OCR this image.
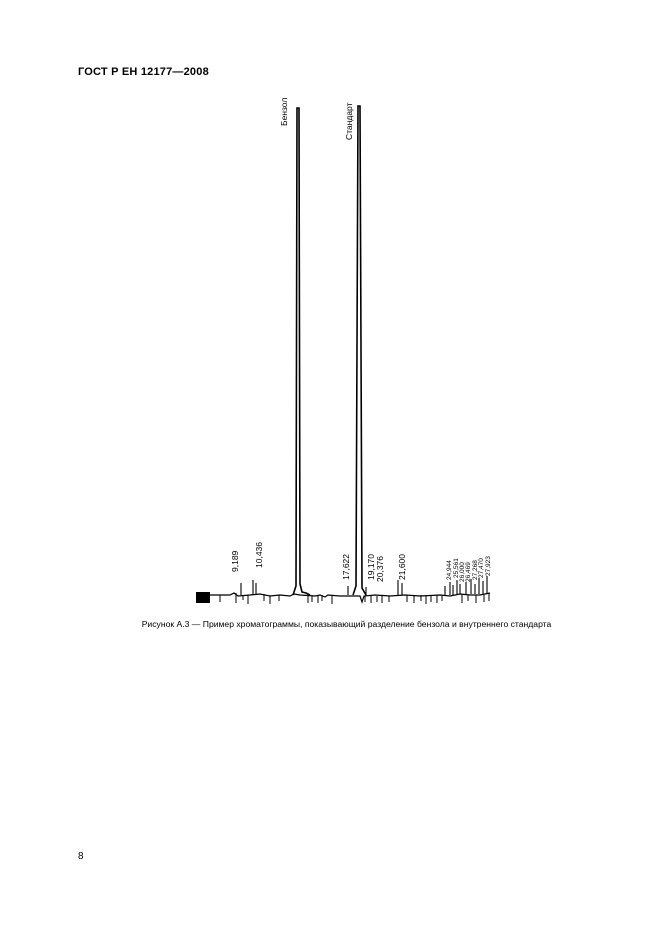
ГОСТ Р ЕН 12177—2008
Бензол	Стандарт
9,189 10,436	17,622 19,170 20,376 21,600	24,944 25,561 26,000 26,469 27,268 27,470 27,923
Рисунок А.3 — Пример хроматограммы, показывающий разделение бензола и внутреннего стандарта
8
